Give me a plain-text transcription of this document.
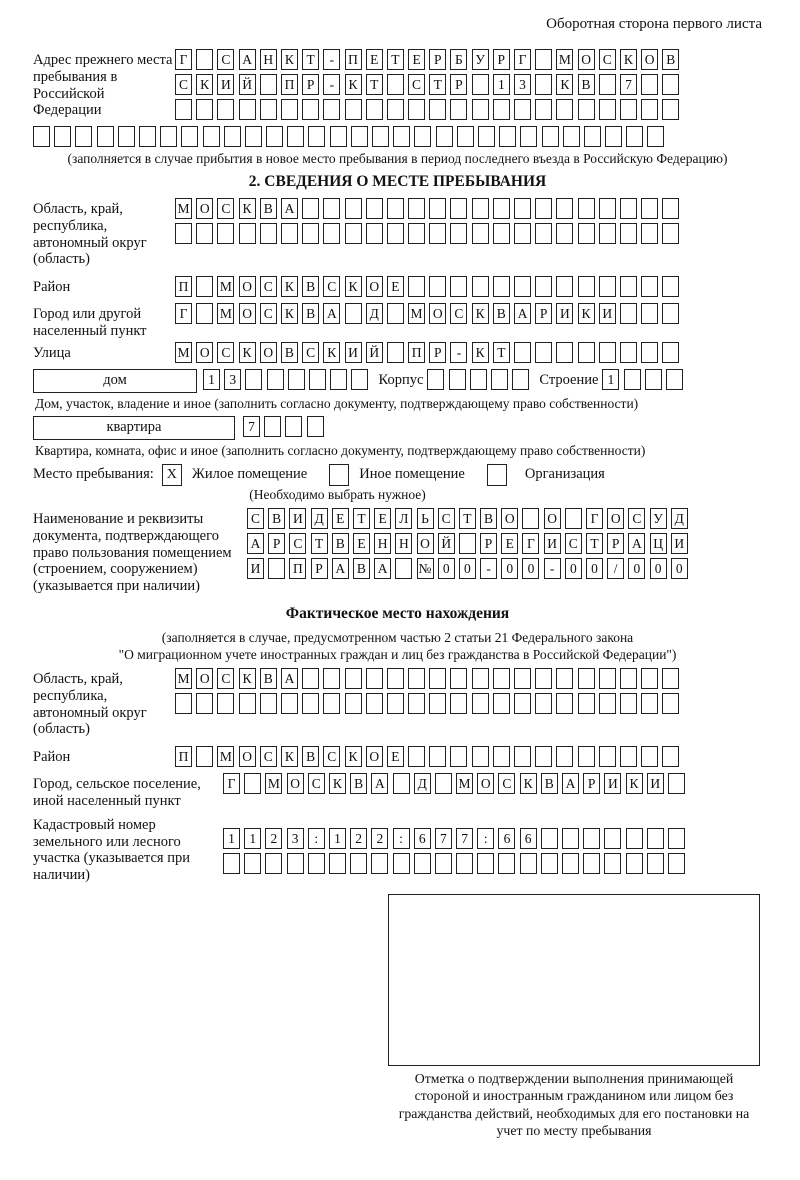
Оборотная сторона первого листа
Адрес прежнего места пребывания в Российской Федерации
Г	С А Н К Т	-	П Е Т Е Р	Б У Р	Г	М О С К О В
С К И Й П Р	-	К Т	С Т Р	1	3	К В	7
(заполняется в случае прибытия в новое место пребывания в период последнего въезда в Российскую Федерацию)
2. СВЕДЕНИЯ О МЕСТЕ ПРЕБЫВАНИЯ
Область, край, республика, автономный округ (область)
М О С К В А
Район	П М О С К В С К О Е
Город или другой населенный пункт
Г	М О С К В А Д М О С К В А Р И К И
Улица	М О С К О В С К И Й П Р	-	К Т
дом	1	3	Корпус	Строение 1
Дом, участок, владение и иное (заполнить согласно документу, подтверждающему право собственности)
квартира	7
Квартира, комната, офис и иное (заполнить согласно документу, подтверждающему право собственности)
Место пребывания: X	Жилое помещение	Иное помещение	Организация
(Необходимо выбрать нужное)
Наименование и реквизиты документа, подтверждающего право пользования помещением (строением, сооружением) (указывается при наличии)
С В И Д Е Т Е Л Ь С Т В О О	Г О С У Д
А Р С Т В Е Н Н О Й	Р Е Г И С Т Р А Ц И
И П Р А В А № 0	0	-	0	0	-	0	0	/	0	0	0
Фактическое место нахождения
(заполняется в случае, предусмотренном частью 2 статьи 21 Федерального закона
"О миграционном учете иностранных граждан и лиц без гражданства в Российской Федерации")
Область, край, республика, автономный округ (область)
М О С К В А
Район	П М О С К В С К О Е
Город, сельское поселение, иной населенный пункт
Г	М О С К В А Д М О С К В А Р И К И
Кадастровый номер земельного или лесного участка (указывается при наличии)
1	1	2	3	:	1	2	2	:	6	7	7	:	6	6
Отметка о подтверждении выполнения принимающей стороной и иностранным гражданином или лицом без гражданства действий, необходимых для его постановки на учет по месту пребывания
